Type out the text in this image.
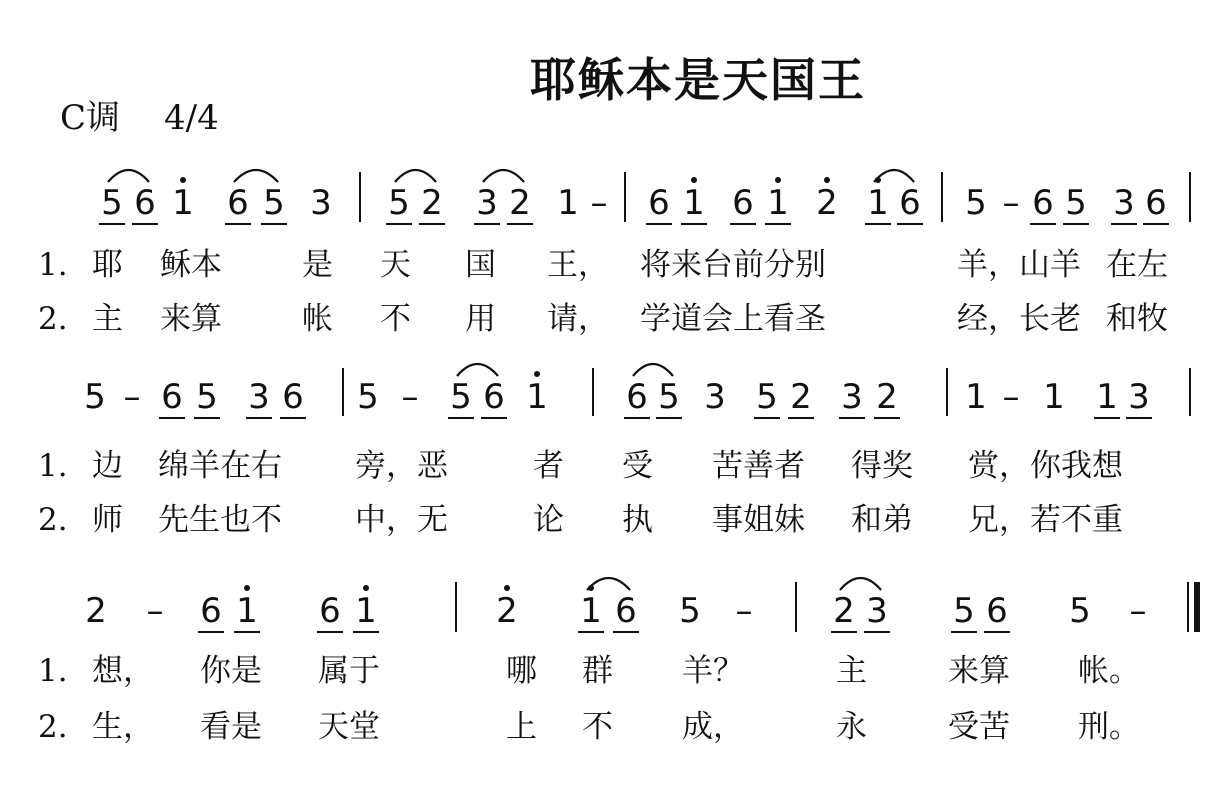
耶稣本是天国王
C调 4/4
5 6 1 6 5 3 5 2 3 2 1 – 6 1 6 1 2 1 6 5 – 6 5 3 6
1. 耶 稣本	是 天 国 王， 将来台前分别	羊，山羊 在左
2. 主 来算	帐 不 用 请， 学道会上看圣	经，长老 和牧
5 – 6 5 3 6 5 – 5 6 1 6 5 3 5 2 3 2 1 – 1 1 3
1. 边 绵羊在右 旁，恶	者 受 苦善者 得奖 赏，你我想
2. 师 先生也不 中，无	论 执 事姐妹 和弟 兄，若不重
2 – 6 1 6 1	2 1 6 5 – 2 3 5 6 5 –
1. 想， 你是 属于	哪 群 羊？	主	来算 帐。
2. 生， 看是 天堂	上 不 成，	永	受苦 刑。
